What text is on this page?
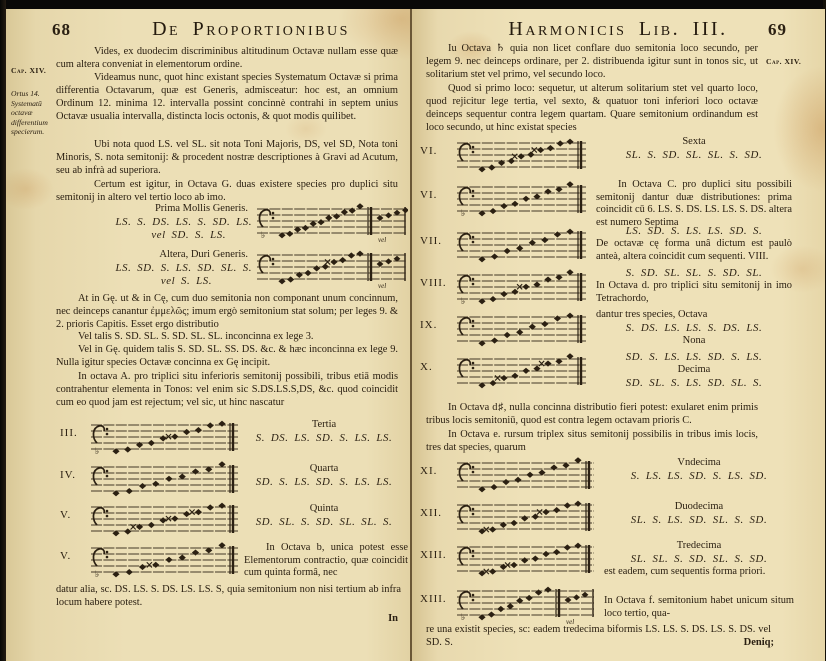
68	De Proportionibus
Cap. XIV.
Ortus 14. Systematū octavæ differentium specierum.
Vides, ex duodecim discriminibus altitudinum Octavæ nullam esse quæ cum altera conveniat in elementorum ordine.
Videamus nunc, quot hinc existant species Systematum Octavæ si prima differentia Octavarum, quæ est Generis, admisceatur: hoc est, an omnium Ordinum 12. minima 12. intervalla possint concinnè contrahi in septem unius Octavæ usualia intervalla, distincta locis octonis, & quot modis quilibet.
Ubi nota quod LS. vel SL. sit nota Toni Majoris, DS, vel SD, Nota toni Minoris, S. nota semitonij: & procedent nostræ descriptiones à Gravi ad Acutum, seu ab infrà ad superiora.
Certum est igitur, in Octava G. duas existere species pro duplici situ semitonij in altero vel tertio loco ab imo.
Prima Mollis Generis.
LS. S. DS. LS. S. SD. LS.
vel SD. S. LS.	♭	vel
Altera, Duri Generis.
LS. SD. S. LS. SD. SL. S.
vel S. LS.	vel
At in Gę. ut & in Cę, cum duo semitonia non componant unum concinnum, nec deinceps canantur ἐμμελῶς; imum ergò semitonium stat solum; per leges 9. & 2. prioris Capitis. Esset ergo distributio
Vel talis S. SD. SL. S. SD. SL. SL. inconcinna ex lege 3.
Vel in Gę. quidem talis S. SD. SL. SS. DS. &c. & hæc inconcinna ex lege 9. Nulla igitur species Octavæ concinna ex Gę incipit.
In octava A. pro triplici situ inferioris semitonij possibili, tribus etiā modis contrahentur elementa in Tonos: vel enim sic S.DS.LS.S,DS, &c. quod coincidit cum eo quod jam est rejectum; vel sic, ut hinc nascatur
III.
♭
Tertia
S. DS. LS. SD. S. LS. LS.
IV.
Quarta
SD. S. LS. SD. S. LS. LS.
V.
Quinta
SD. SL. S. SD. SL. SL. S.
V.
♭
In Octava b, unica potest esse Elementorum contractio, quæ coincidit cum quinta formâ, nec
datur alia, sc. DS. LS. S. DS. LS. LS. S, quia semitonium non nisi tertium ab infra locum habere potest.
In
Harmonicis Lib. III.	69
Cap. XIV.
Iu Octava ♄ quia non licet conflare duo semitonia loco secundo, per legem 9. nec deinceps ordinare, per 2. distribuenda igitur sunt in tonos sic, ut solitarium stet vel primo, vel secundo loco.
Quod si primo loco: sequetur, ut alterum solitarium stet vel quarto loco, quod rejicitur lege tertia, vel sexto, & quatuor toni inferiori loco octavæ deinceps sequentur contra legem quartam. Quare semitonium ordinandum est loco secundo, ut hinc existat species
VI.
Sexta
SL. S. SD. SL. SL. S. SD.
VI.
♭
In Octava C. pro duplici situ possibili semitonij dantur duæ distributiones: prima coincidit cū 6. LS. S. DS. LS. LS. S. DS. altera est numero Septima
VII.
LS. SD. S. LS. LS. SD. S.
De octavæ cę forma unâ dictum est paulò anteà, altera coincidit cum sequenti. VIII.
VIII.
♭
S. SD. SL. SL. S. SD. SL.
In Octava d. pro triplici situ semitonij in imo Tetrachordo,
IX.
dantur tres species, Octava
S. DS. LS. LS. S. DS. LS.
Nona
X.
SD. S. LS. LS. SD. S. LS.
Decima
SD. SL. S. LS. SD. SL. S.
In Octava d♯, nulla concinna distributio fieri potest: exularet enim primis tribus locis semitoniū, quod est contra legem octavam prioris C.
In Octava e. rursum triplex situs semitonij possibilis in tribus imis locis, tres dat species, quarum
XI.
Vndecima
S. LS. LS. SD. S. LS. SD.
XII.
Duodecima
SL. S. LS. SD. SL. S. SD.
XIII.
Tredecima
SL. SL. S. SD. SL. S. SD.
est eadem, cum sequentis forma priori.
XIII.
♭	vel
In Octava f. semitonium habet unicum situm loco tertio, qua-
re una existit species, sc: eadem tredecima biformis LS. LS. S. DS. LS. S. DS. vel SD. S.	Deniq;
